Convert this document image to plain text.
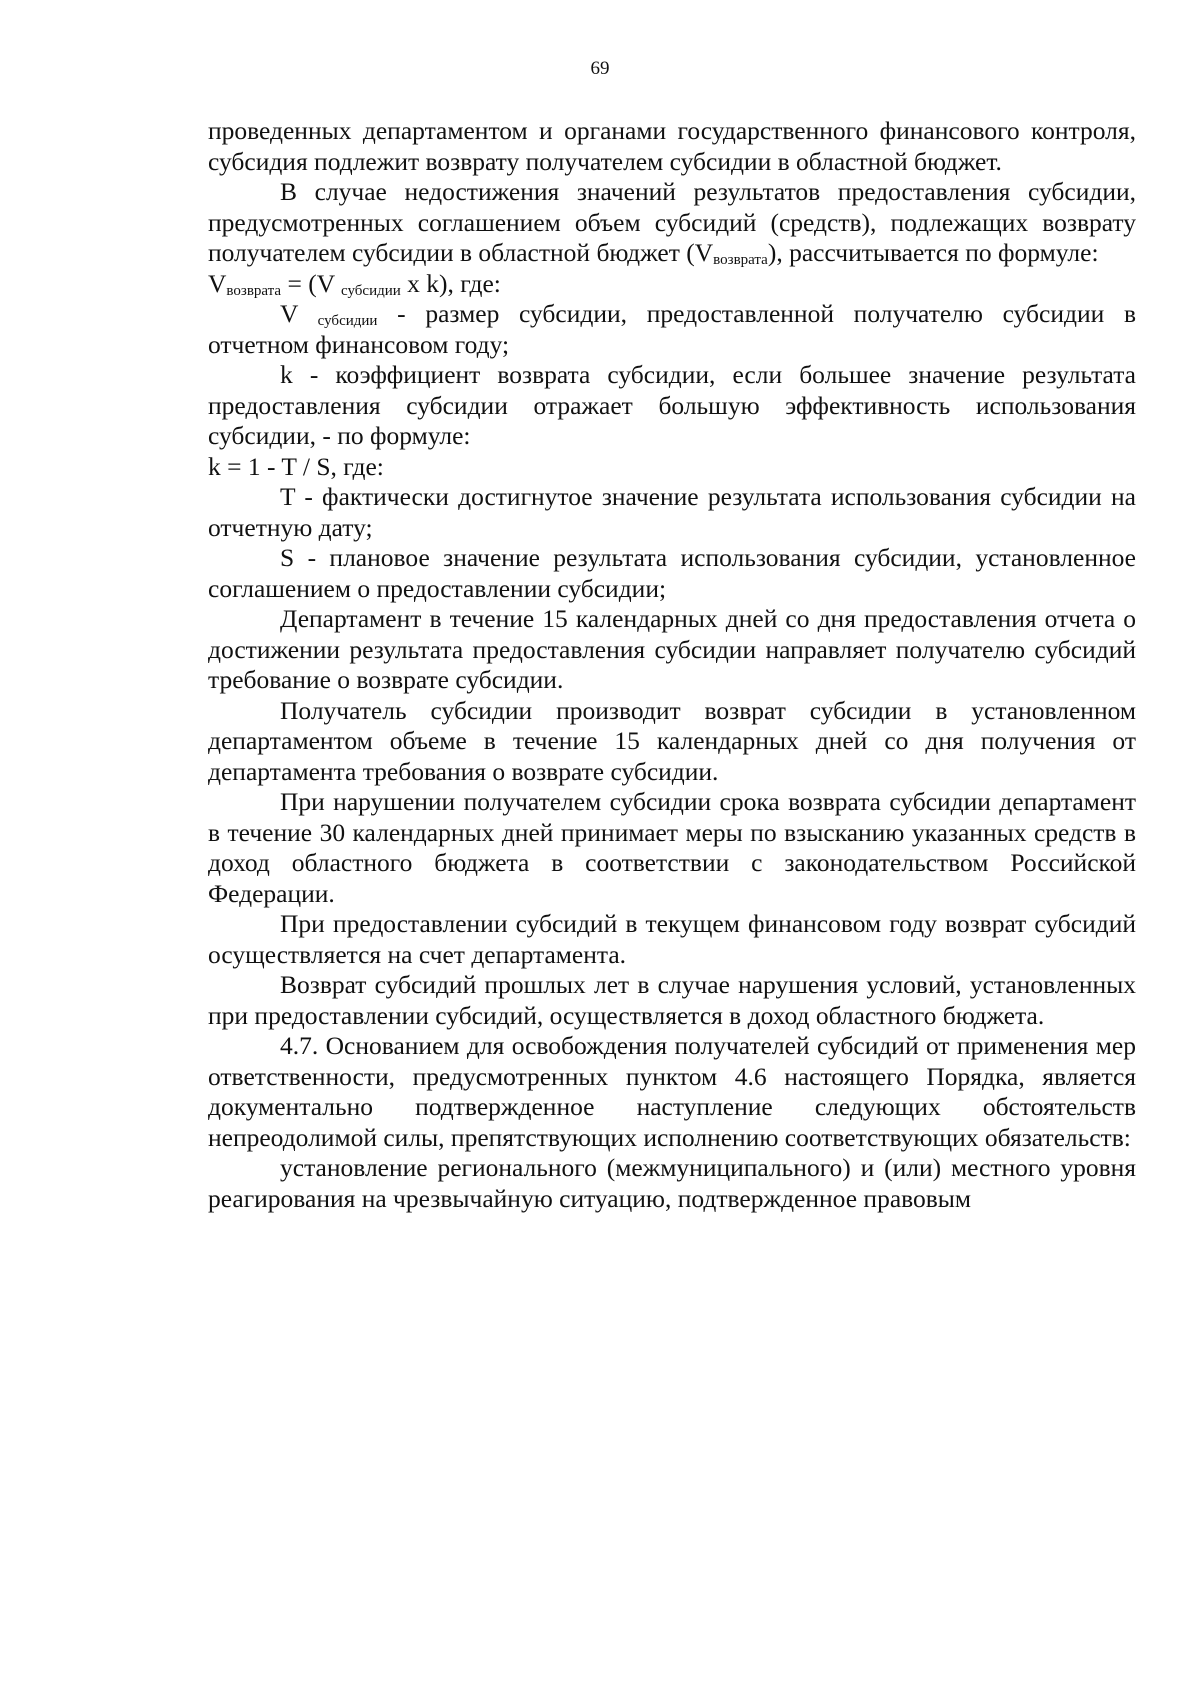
69

проведенных департаментом и органами государственного финансового контроля, субсидия подлежит возврату получателем субсидии в областной бюджет.

В случае недостижения значений результатов предоставления субсидии, предусмотренных соглашением объем субсидий (средств), подлежащих возврату получателем субсидии в областной бюджет $(V_{возврата})$, рассчитывается по формуле:

$V_{возврата} = (V$ $_{субсидии}$ x k), где:

V $_{субсидии}$ - размер субсидии, предоставленной получателю субсидии в отчетном финансовом году;

k - коэффициент возврата субсидии, если большее значение результата предоставления субсидии отражает большую эффективность использования субсидии, - по формуле:

k = 1 - T / S, где:

T - фактически достигнутое значение результата использования субсидии на отчетную дату;

S - плановое значение результата использования субсидии, установленное соглашением о предоставлении субсидии;

Департамент в течение 15 календарных дней со дня предоставления отчета о достижении результата предоставления субсидии направляет получателю субсидий требование о возврате субсидии.

Получатель субсидии производит возврат субсидии в установленном департаментом объеме в течение 15 календарных дней со дня получения от департамента требования о возврате субсидии.

При нарушении получателем субсидии срока возврата субсидии департамент в течение 30 календарных дней принимает меры по взысканию указанных средств в доход областного бюджета в соответствии с законодательством Российской Федерации.

При предоставлении субсидий в текущем финансовом году возврат субсидий осуществляется на счет департамента.

Возврат субсидий прошлых лет в случае нарушения условий, установленных при предоставлении субсидий, осуществляется в доход областного бюджета.

4.7. Основанием для освобождения получателей субсидий от применения мер ответственности, предусмотренных пунктом 4.6 настоящего Порядка, является документально подтвержденное наступление следующих обстоятельств непреодолимой силы, препятствующих исполнению соответствующих обязательств:

установление регионального (межмуниципального) и (или) местного уровня реагирования на чрезвычайную ситуацию, подтвержденное правовым
